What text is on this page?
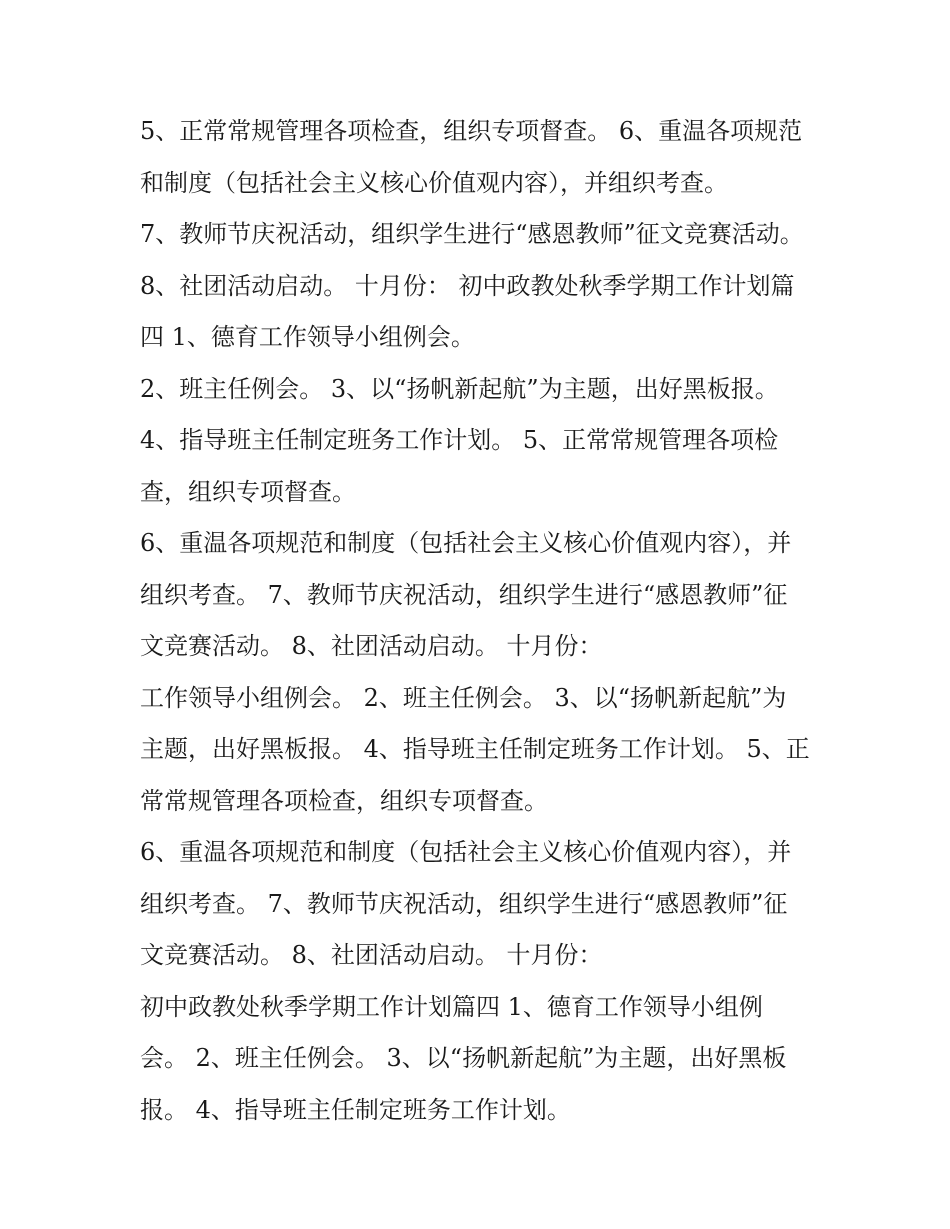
5、正常常规管理各项检查，组织专项督查。 6、重温各项规范和制度（包括社会主义核心价值观内容），并组织考查。

7、教师节庆祝活动，组织学生进行“感恩教师”征文竞赛活动。 8、社团活动启动。 十月份： 初中政教处秋季学期工作计划篇四 1、德育工作领导小组例会。

2、班主任例会。 3、以“扬帆新起航”为主题，出好黑板报。

4、指导班主任制定班务工作计划。 5、正常常规管理各项检查，组织专项督查。

6、重温各项规范和制度（包括社会主义核心价值观内容），并组织考查。 7、教师节庆祝活动，组织学生进行“感恩教师”征文竞赛活动。 8、社团活动启动。 十月份：

工作领导小组例会。 2、班主任例会。 3、以“扬帆新起航”为主题，出好黑板报。 4、指导班主任制定班务工作计划。 5、正常常规管理各项检查，组织专项督查。

6、重温各项规范和制度（包括社会主义核心价值观内容），并组织考查。 7、教师节庆祝活动，组织学生进行“感恩教师”征文竞赛活动。 8、社团活动启动。 十月份：

初中政教处秋季学期工作计划篇四 1、德育工作领导小组例会。 2、班主任例会。 3、以“扬帆新起航”为主题，出好黑板报。 4、指导班主任制定班务工作计划。
